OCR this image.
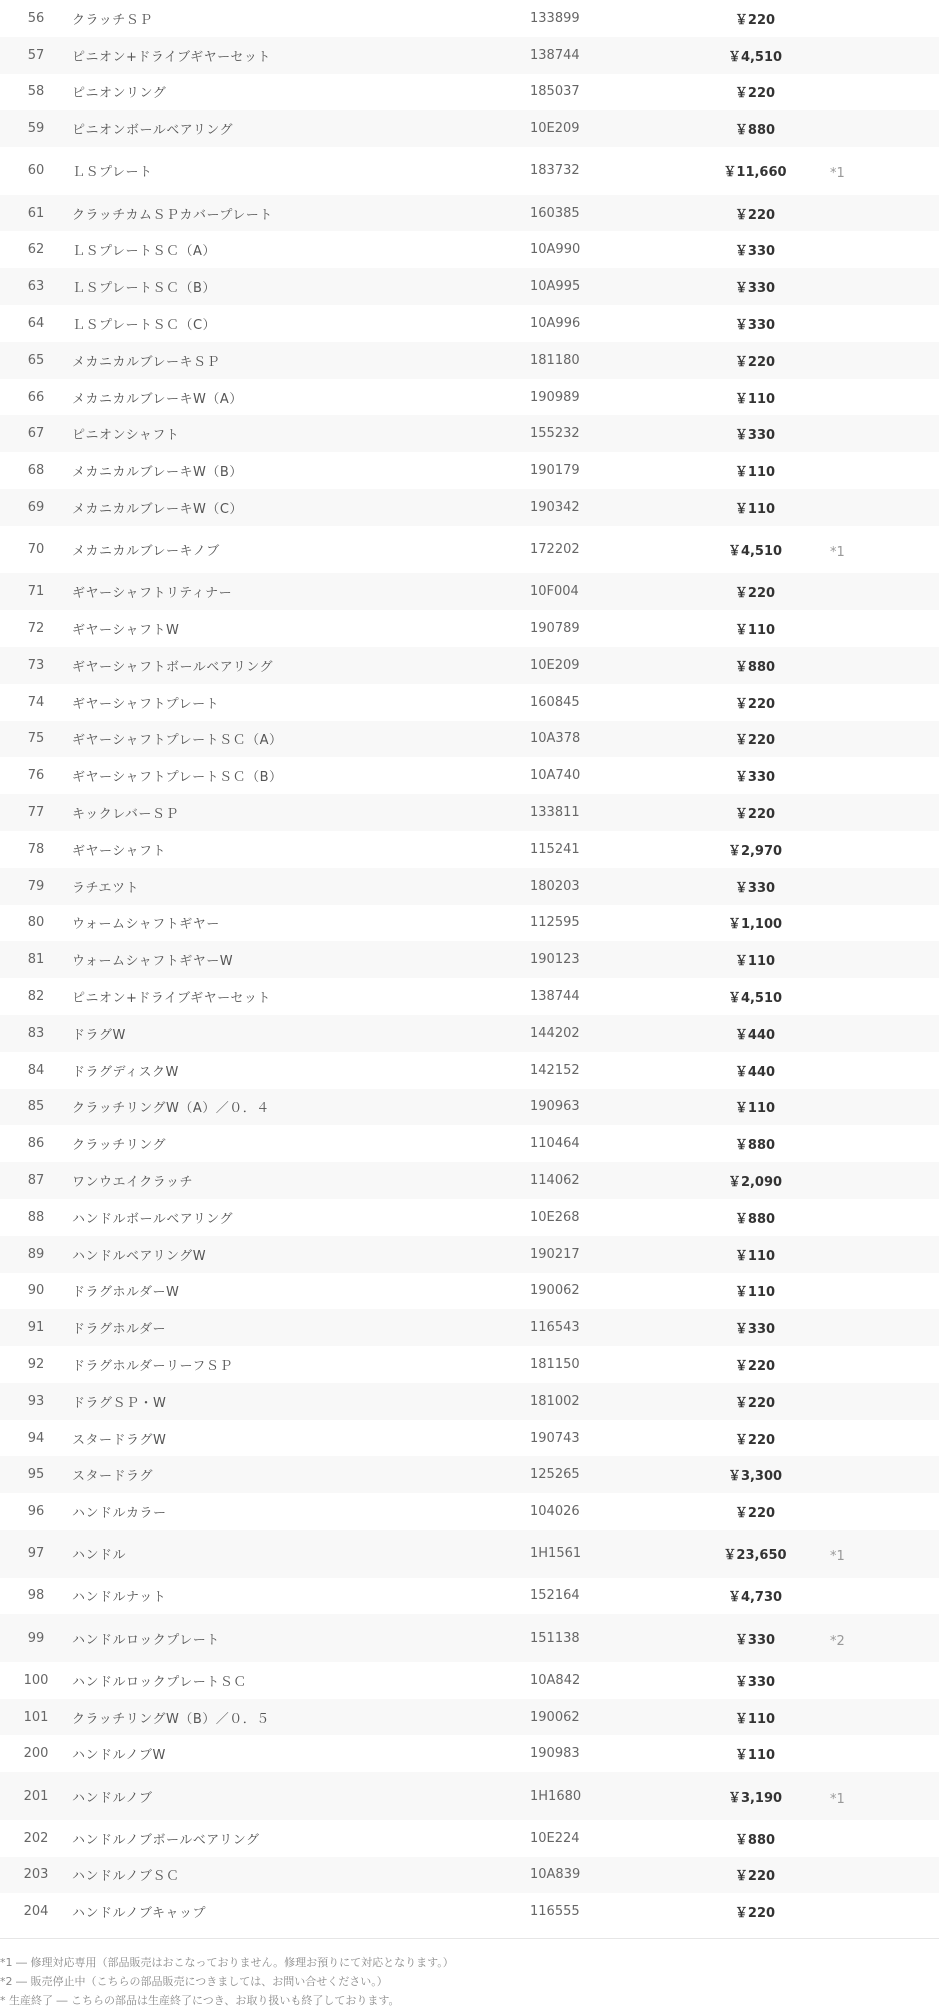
56	クラッチＳＰ	133899	￥220	
57	ピニオン+ドライブギヤーセット	138744	￥4,510	
58	ピニオンリング	185037	￥220	
59	ピニオンボールベアリング	10E209	￥880	
60	ＬＳプレート	183732	￥11,660	*1
61	クラッチカムＳＰカバープレート	160385	￥220	
62	ＬＳプレートＳＣ（A）	10A990	￥330	
63	ＬＳプレートＳＣ（B）	10A995	￥330	
64	ＬＳプレートＳＣ（C）	10A996	￥330	
65	メカニカルブレーキＳＰ	181180	￥220	
66	メカニカルブレーキW（A）	190989	￥110	
67	ピニオンシャフト	155232	￥330	
68	メカニカルブレーキW（B）	190179	￥110	
69	メカニカルブレーキW（C）	190342	￥110	
70	メカニカルブレーキノブ	172202	￥4,510	*1
71	ギヤーシャフトリティナー	10F004	￥220	
72	ギヤーシャフトW	190789	￥110	
73	ギヤーシャフトボールベアリング	10E209	￥880	
74	ギヤーシャフトプレート	160845	￥220	
75	ギヤーシャフトプレートＳＣ（A）	10A378	￥220	
76	ギヤーシャフトプレートＳＣ（B）	10A740	￥330	
77	キックレバーＳＰ	133811	￥220	
78	ギヤーシャフト	115241	￥2,970	
79	ラチエツト	180203	￥330	
80	ウォームシャフトギヤー	112595	￥1,100	
81	ウォームシャフトギヤーW	190123	￥110	
82	ピニオン+ドライブギヤーセット	138744	￥4,510	
83	ドラグW	144202	￥440	
84	ドラグディスクW	142152	￥440	
85	クラッチリングW（A）／０．４	190963	￥110	
86	クラッチリング	110464	￥880	
87	ワンウエイクラッチ	114062	￥2,090	
88	ハンドルボールベアリング	10E268	￥880	
89	ハンドルベアリングW	190217	￥110	
90	ドラグホルダーW	190062	￥110	
91	ドラグホルダー	116543	￥330	
92	ドラグホルダーリーフＳＰ	181150	￥220	
93	ドラグＳＰ・W	181002	￥220	
94	スタードラグW	190743	￥220	
95	スタードラグ	125265	￥3,300	
96	ハンドルカラー	104026	￥220	
97	ハンドル	1H1561	￥23,650	*1
98	ハンドルナット	152164	￥4,730	
99	ハンドルロックプレート	151138	￥330	*2
100	ハンドルロックプレートＳＣ	10A842	￥330	
101	クラッチリングW（B）／０．５	190062	￥110	
200	ハンドルノブW	190983	￥110	
201	ハンドルノブ	1H1680	￥3,190	*1
202	ハンドルノブボールベアリング	10E224	￥880	
203	ハンドルノブＳＣ	10A839	￥220	
204	ハンドルノブキャップ	116555	￥220	

*1 ― 修理対応専用（部品販売はおこなっておりません。修理お預りにて対応となります。）

*2 ― 販売停止中（こちらの部品販売につきましては、お問い合せください。）

* 生産終了 ― こちらの部品は生産終了につき、お取り扱いも終了しております。
